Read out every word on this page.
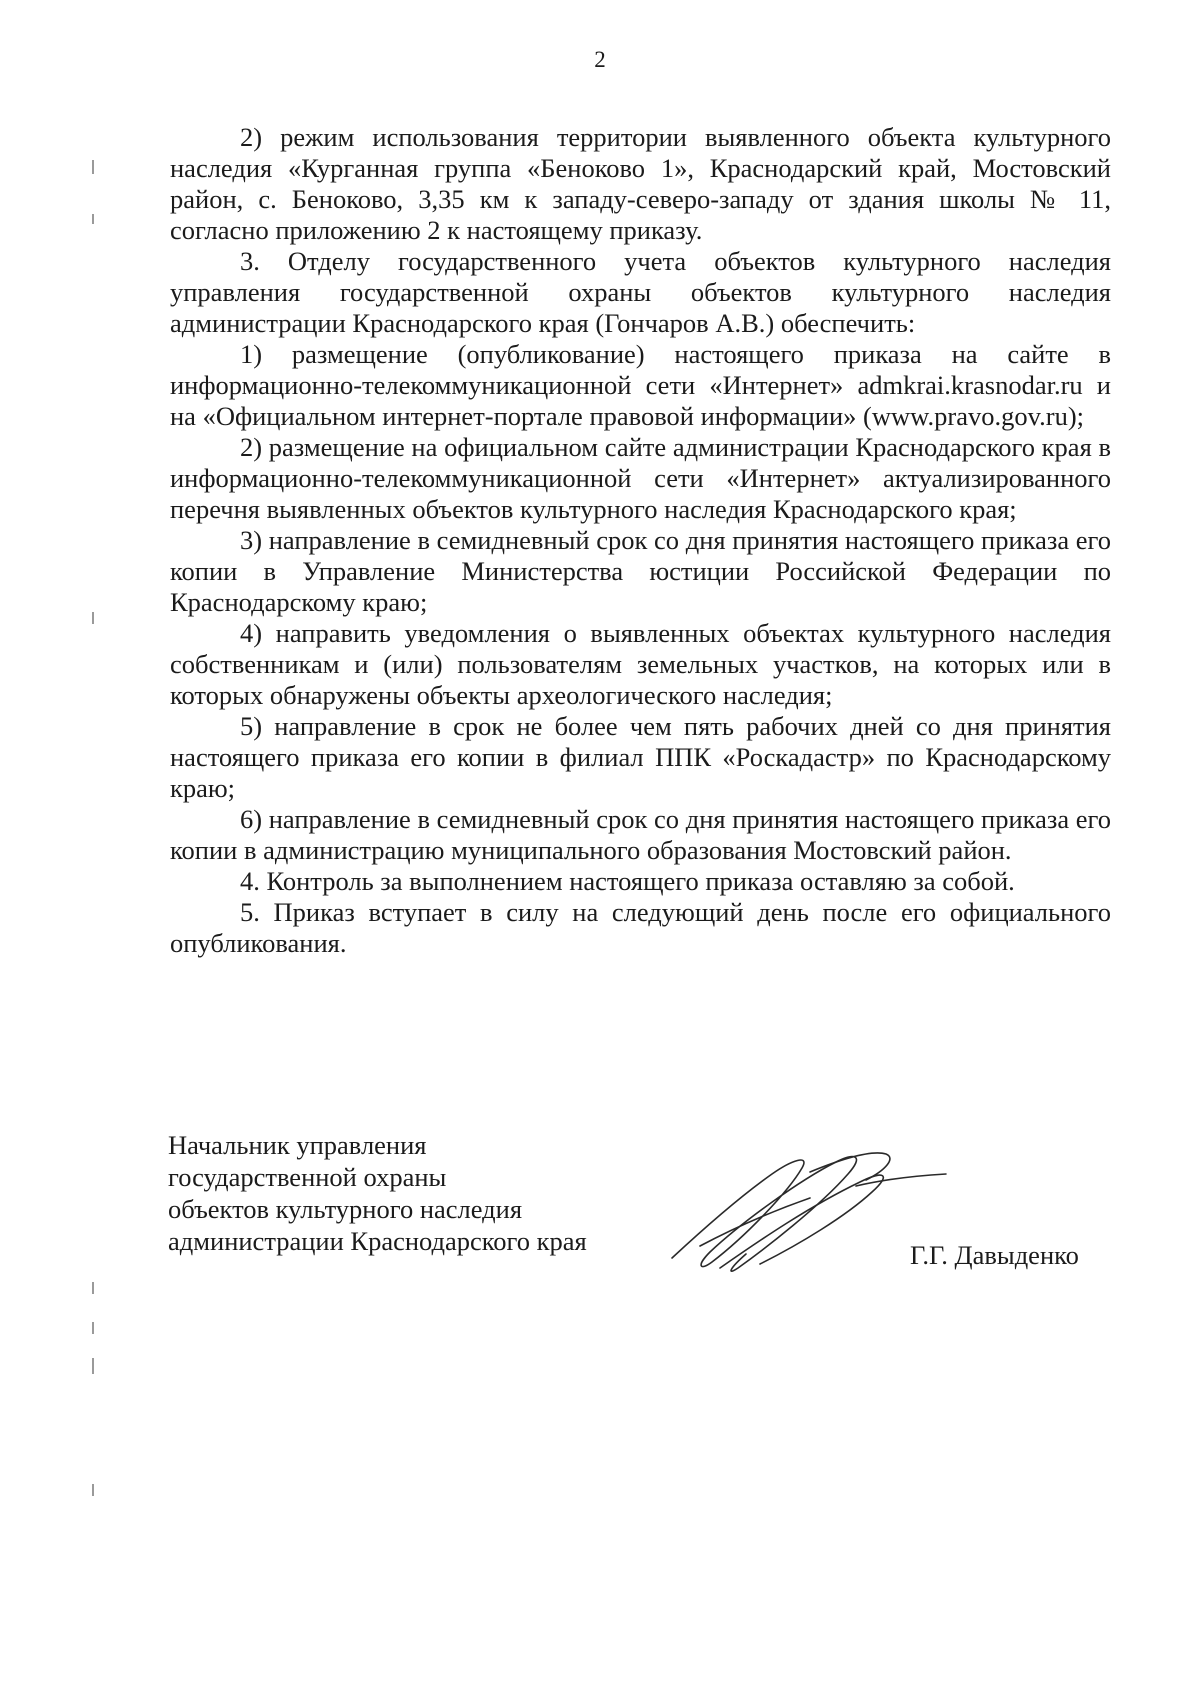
2

2) режим использования территории выявленного объекта культурного наследия «Курганная группа «Беноково 1», Краснодарский край, Мостовский район, с. Беноково, 3,35 км к западу-северо-западу от здания школы № 11, согласно приложению 2 к настоящему приказу.

3. Отделу государственного учета объектов культурного наследия управления государственной охраны объектов культурного наследия администрации Краснодарского края (Гончаров А.В.) обеспечить:

1) размещение (опубликование) настоящего приказа на сайте в информационно-телекоммуникационной сети «Интернет» admkrai.krasnodar.ru и на «Официальном интернет-портале правовой информации» (www.pravo.gov.ru);

2) размещение на официальном сайте администрации Краснодарского края в информационно-телекоммуникационной сети «Интернет» актуализированного перечня выявленных объектов культурного наследия Краснодарского края;

3) направление в семидневный срок со дня принятия настоящего приказа его копии в Управление Министерства юстиции Российской Федерации по Краснодарскому краю;

4) направить уведомления о выявленных объектах культурного наследия собственникам и (или) пользователям земельных участков, на которых или в которых обнаружены объекты археологического наследия;

5) направление в срок не более чем пять рабочих дней со дня принятия настоящего приказа его копии в филиал ППК «Роскадастр» по Краснодарскому краю;

6) направление в семидневный срок со дня принятия настоящего приказа его копии в администрацию муниципального образования Мостовский район.

4. Контроль за выполнением настоящего приказа оставляю за собой.

5. Приказ вступает в силу на следующий день после его официального опубликования.

Начальник управления
государственной охраны
объектов культурного наследия
администрации Краснодарского края	Г.Г. Давыденко
